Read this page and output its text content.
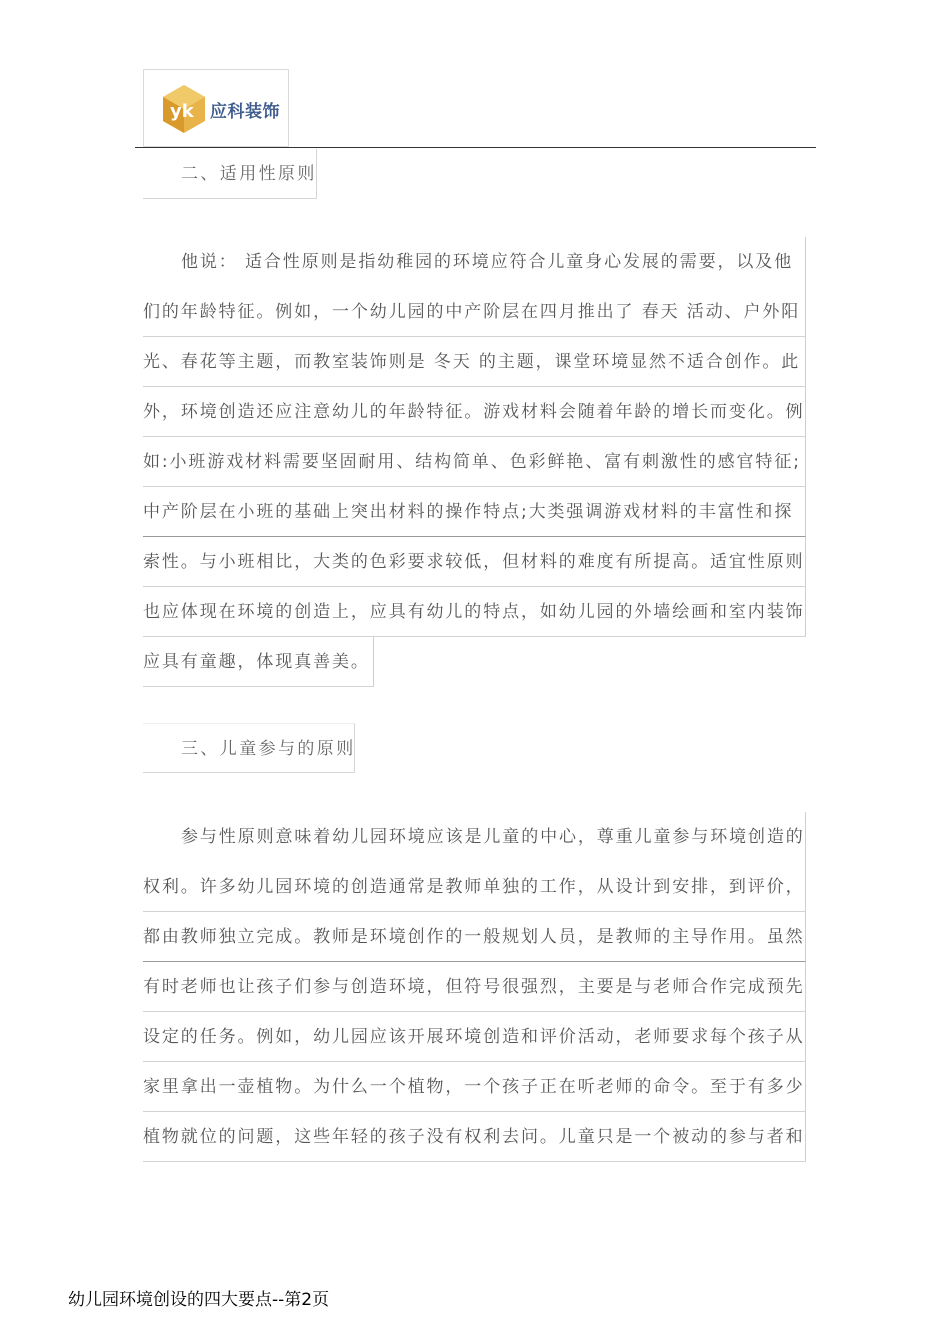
yk 应科装饰
二、适用性原则
他说： 适合性原则是指幼稚园的环境应符合儿童身心发展的需要，以及他
们的年龄特征。例如，一个幼儿园的中产阶层在四月推出了 春天 活动、户外阳
光、春花等主题，而教室装饰则是 冬天 的主题，课堂环境显然不适合创作。此
外，环境创造还应注意幼儿的年龄特征。游戏材料会随着年龄的增长而变化。例
如:小班游戏材料需要坚固耐用、结构简单、色彩鲜艳、富有刺激性的感官特征;
中产阶层在小班的基础上突出材料的操作特点;大类强调游戏材料的丰富性和探
索性。与小班相比，大类的色彩要求较低，但材料的难度有所提高。适宜性原则
也应体现在环境的创造上，应具有幼儿的特点，如幼儿园的外墙绘画和室内装饰
应具有童趣，体现真善美。
三、儿童参与的原则
参与性原则意味着幼儿园环境应该是儿童的中心，尊重儿童参与环境创造的
权利。许多幼儿园环境的创造通常是教师单独的工作，从设计到安排，到评价，
都由教师独立完成。教师是环境创作的一般规划人员，是教师的主导作用。虽然
有时老师也让孩子们参与创造环境，但符号很强烈，主要是与老师合作完成预先
设定的任务。例如，幼儿园应该开展环境创造和评价活动，老师要求每个孩子从
家里拿出一壶植物。为什么一个植物，一个孩子正在听老师的命令。至于有多少
植物就位的问题，这些年轻的孩子没有权利去问。儿童只是一个被动的参与者和
幼儿园环境创设的四大要点--第2页
